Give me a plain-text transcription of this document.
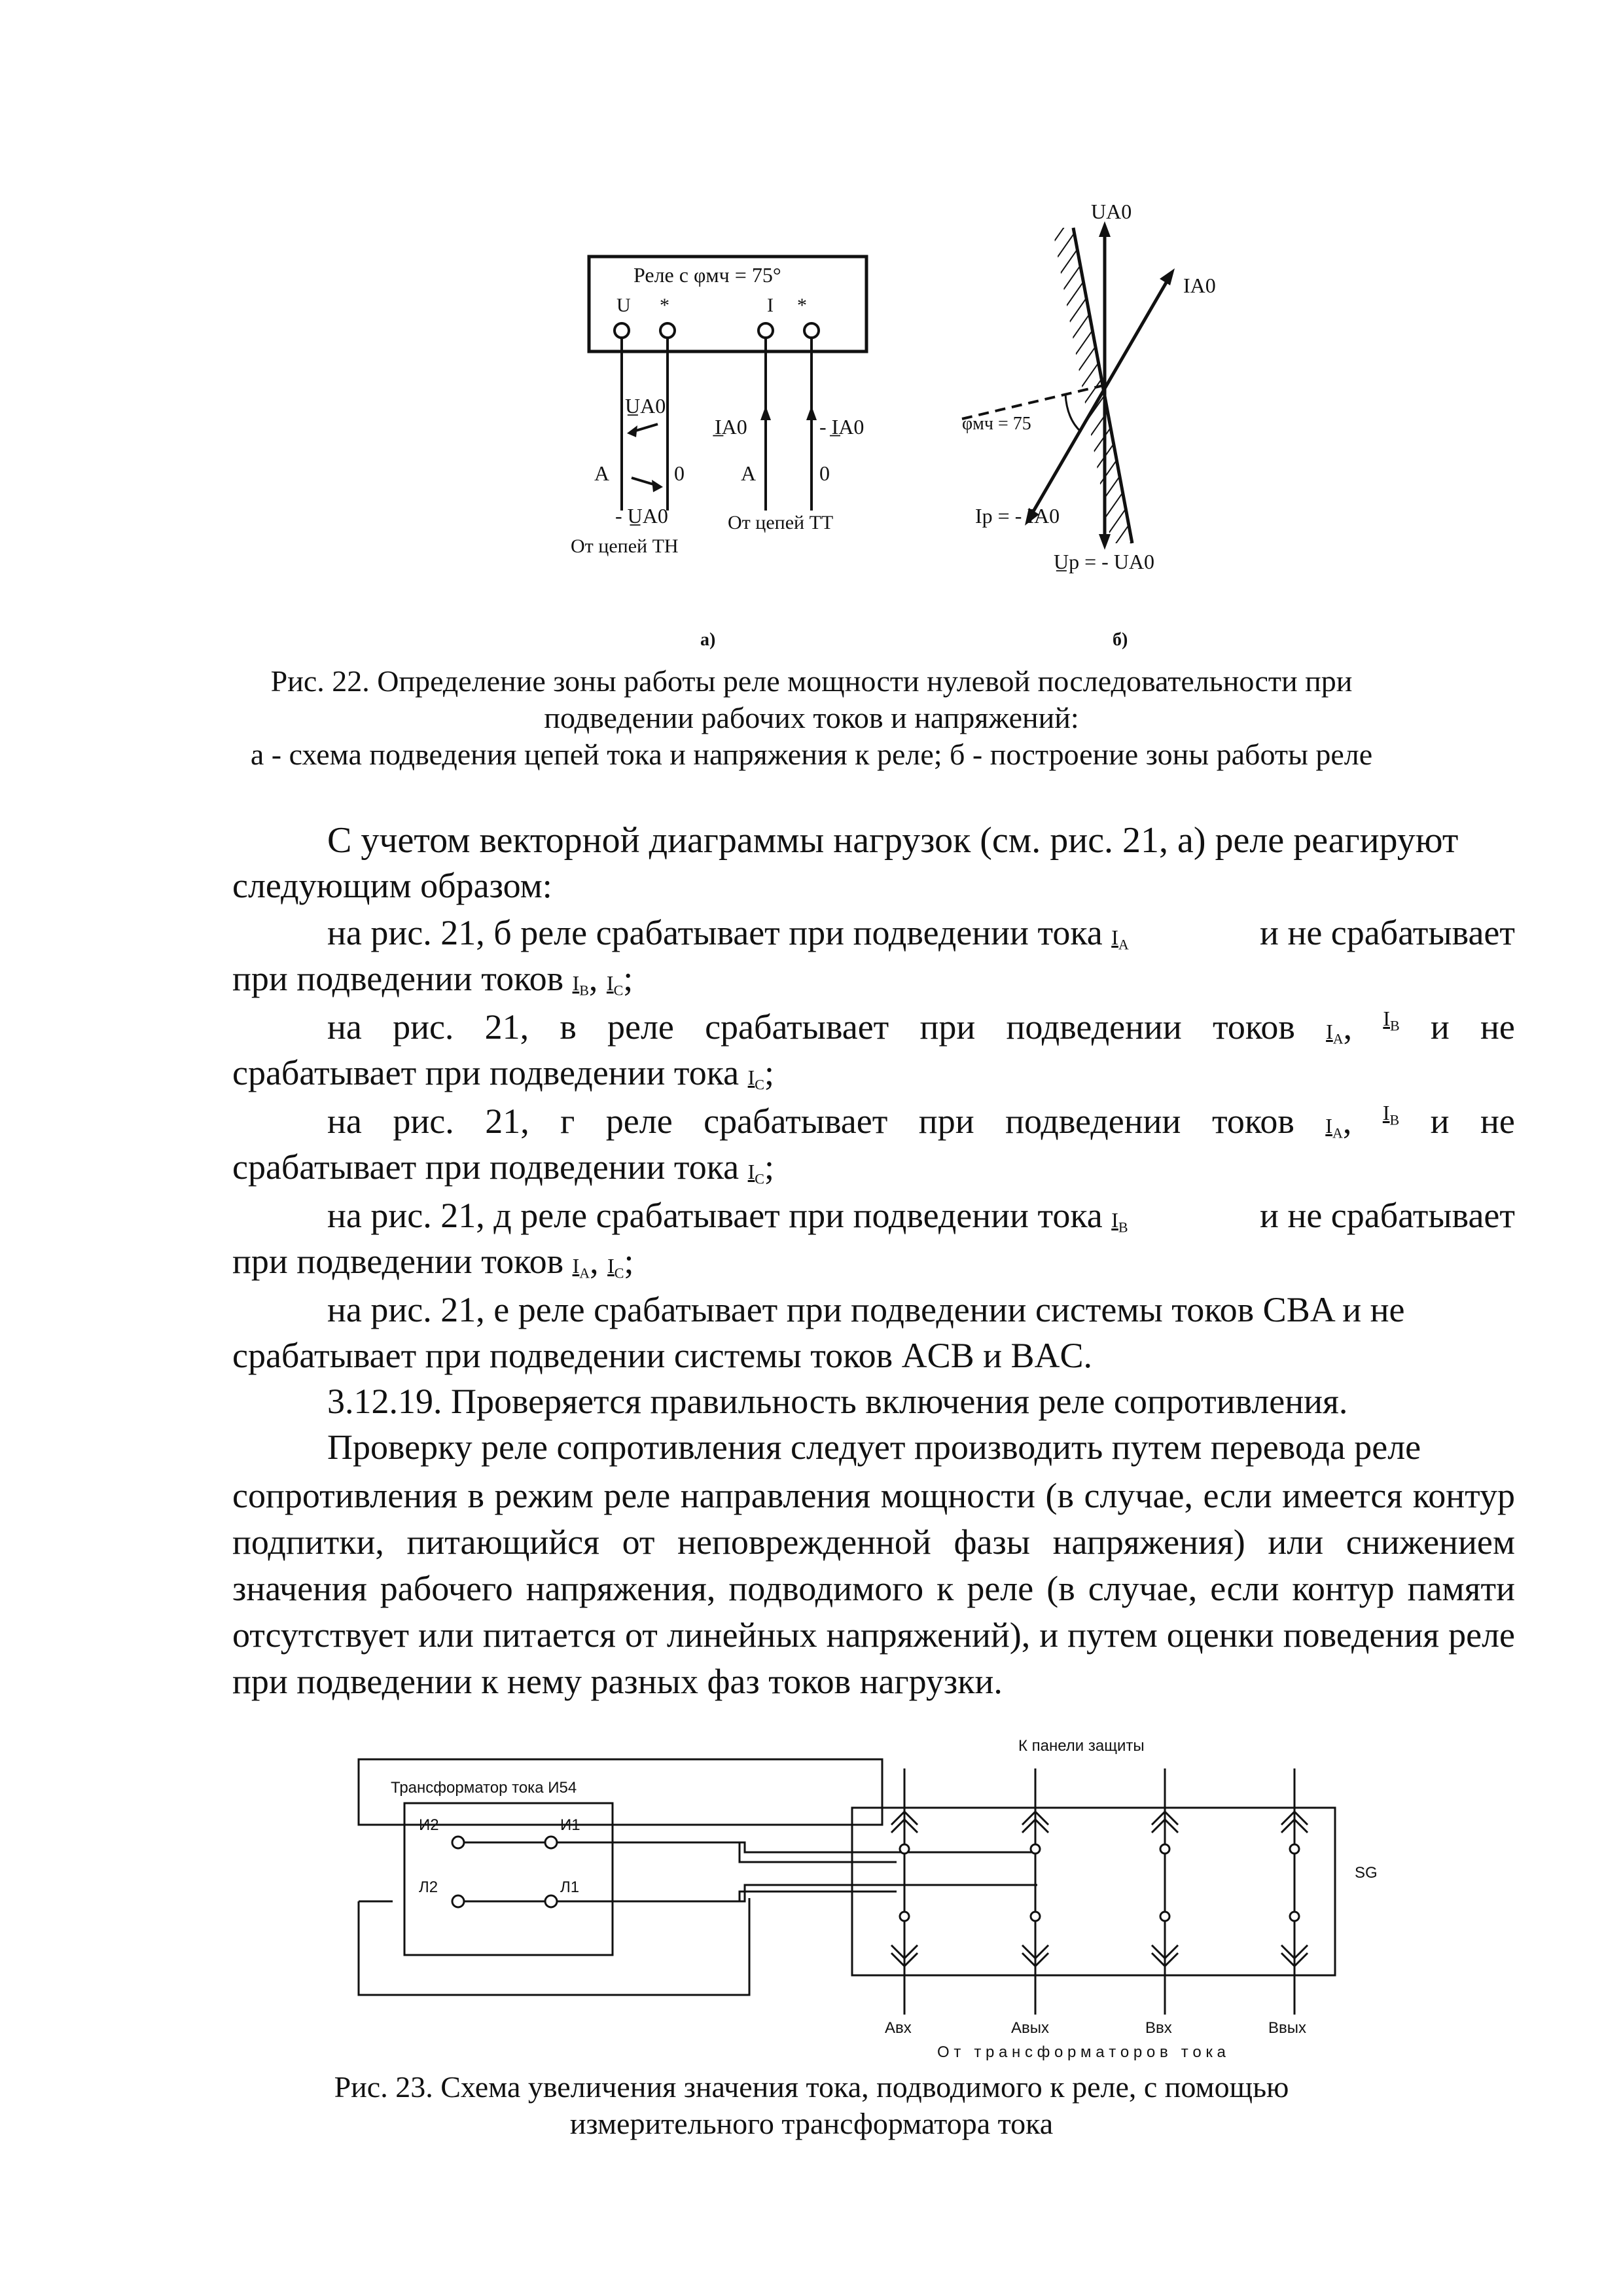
Реле с φмч = 75°
U *	I *
U̲A0
A	0
- U̲A0
От цепей ТН
I̲A0	- I̲A0
A	0
От цепей ТТ
UA0
IA0
φмч = 75
Ip = - IA0
U̲p = - UA0
а)	б)
Рис. 22. Определение зоны работы реле мощности нулевой последовательности при
подведении рабочих токов и напряжений:
а - схема подведения цепей тока и напряжения к реле; б - построение зоны работы реле
С учетом векторной диаграммы нагрузок (см. рис. 21, а) реле реагируют
следующим образом:
на рис. 21, б реле срабатывает при подведении тока $I_A$	и не срабатывает
при подведении токов $I_B$, $I_C$;
на рис. 21, в реле срабатывает при подведении токов $I_A$, $I_B$ и не
срабатывает при подведении тока $I_C$;
на рис. 21, г реле срабатывает при подведении токов $I_A$, $I_B$ и не
срабатывает при подведении тока $I_C$;
на рис. 21, д реле срабатывает при подведении тока $I_B$	и не срабатывает
при подведении токов $I_A$, $I_C$;
на рис. 21, е реле срабатывает при подведении системы токов CBA и не
срабатывает при подведении системы токов ACB и BAC.
3.12.19. Проверяется правильность включения реле сопротивления.
Проверку реле сопротивления следует производить путем перевода реле
сопротивления в режим реле направления мощности (в случае, если имеется контур подпитки, питающийся от неповрежденной фазы напряжения) или снижением значения рабочего напряжения, подводимого к реле (в случае, если контур памяти отсутствует или питается от линейных напряжений), и путем оценки поведения реле при подведении к нему разных фаз токов нагрузки.
К панели защиты
Трансформатор тока И54
И2	И1
Л2	Л1
SG
Авх	Авых	Ввх	Ввых
О т   т р а н с ф о р м а т о р о в   т о к а
Рис. 23. Схема увеличения значения тока, подводимого к реле, с помощью
измерительного трансформатора тока
